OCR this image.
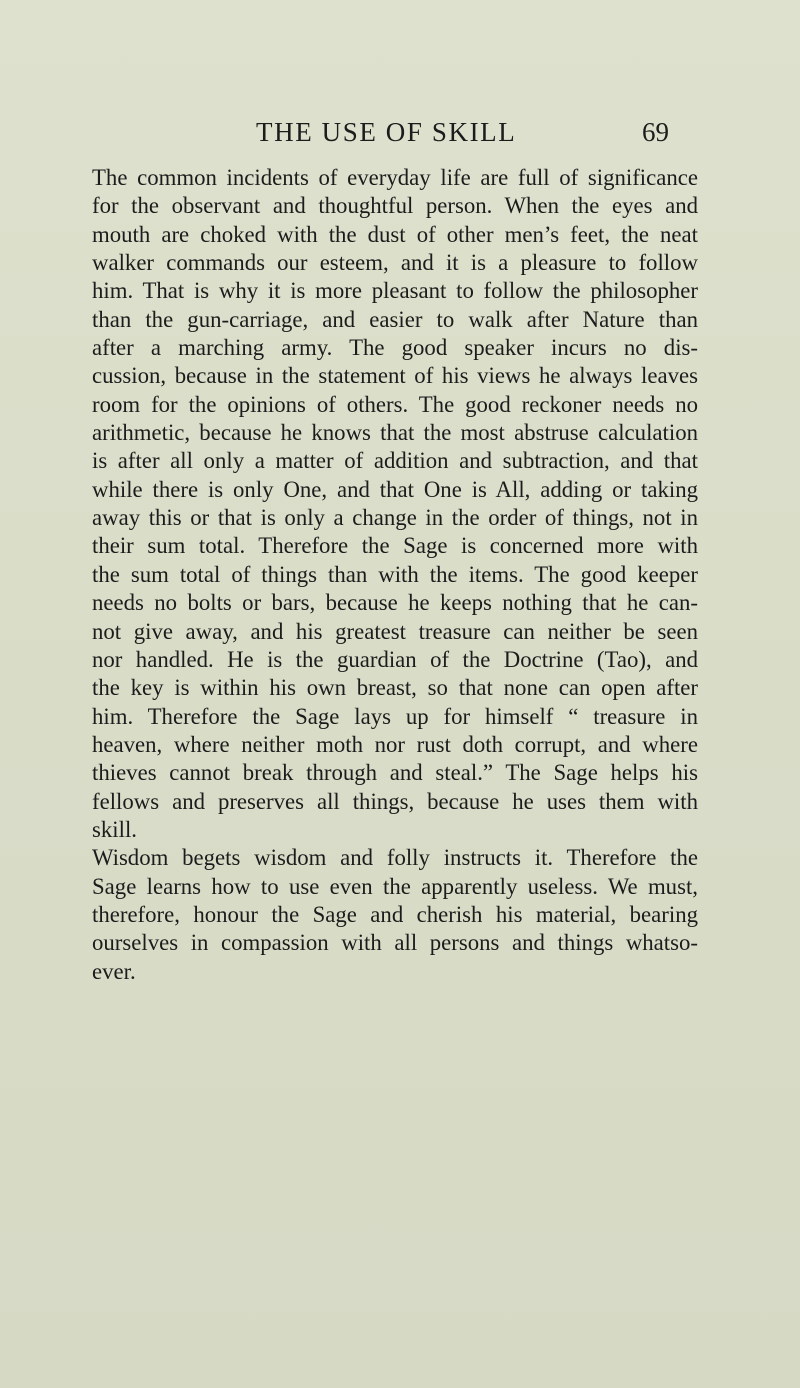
THE USE OF SKILL	69
The common incidents of everyday life are full of significance
for the observant and thoughtful person. When the eyes and
mouth are choked with the dust of other men’s feet, the neat
walker commands our esteem, and it is a pleasure to follow
him. That is why it is more pleasant to follow the philosopher
than the gun-carriage, and easier to walk after Nature than
after a marching army. The good speaker incurs no dis-
cussion, because in the statement of his views he always leaves
room for the opinions of others. The good reckoner needs no
arithmetic, because he knows that the most abstruse calculation
is after all only a matter of addition and subtraction, and that
while there is only One, and that One is All, adding or taking
away this or that is only a change in the order of things, not in
their sum total. Therefore the Sage is concerned more with
the sum total of things than with the items. The good keeper
needs no bolts or bars, because he keeps nothing that he can-
not give away, and his greatest treasure can neither be seen
nor handled. He is the guardian of the Doctrine (Tao), and
the key is within his own breast, so that none can open after
him. Therefore the Sage lays up for himself “ treasure in
heaven, where neither moth nor rust doth corrupt, and where
thieves cannot break through and steal.” The Sage helps his
fellows and preserves all things, because he uses them with
skill.
Wisdom begets wisdom and folly instructs it. Therefore the
Sage learns how to use even the apparently useless. We must,
therefore, honour the Sage and cherish his material, bearing
ourselves in compassion with all persons and things whatso-
ever.
